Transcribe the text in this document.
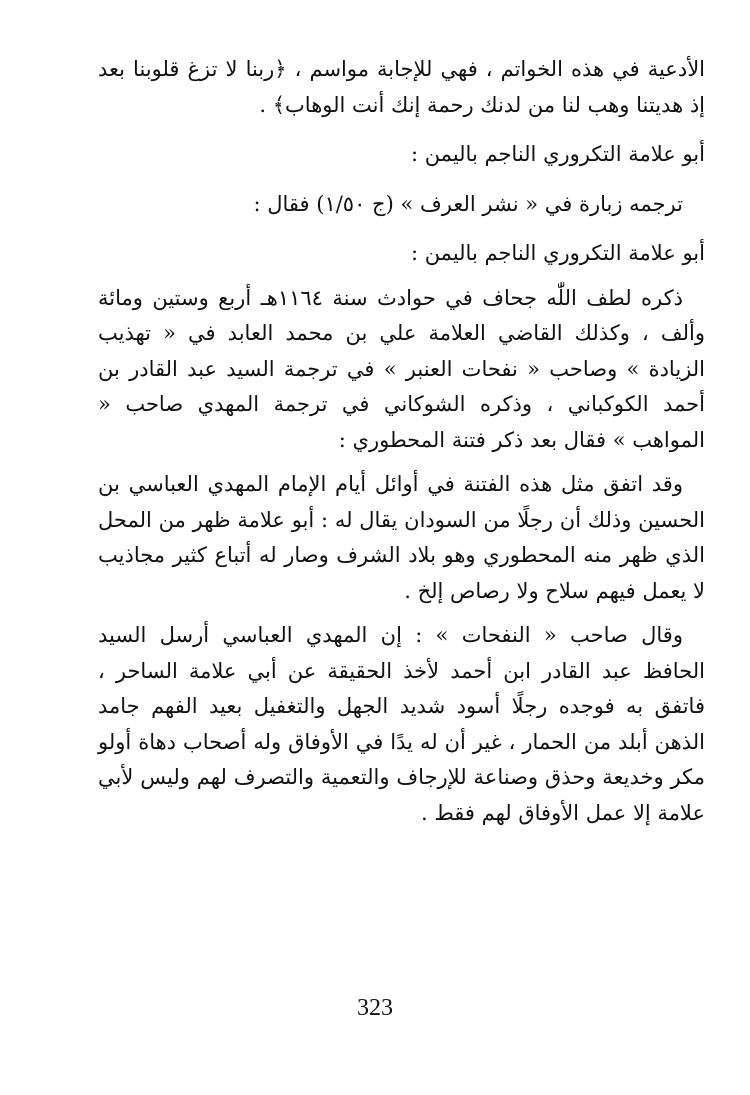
الأدعية في هذه الخواتم ، فهي للإجابة مواسم ، ﴿ربنا لا تزغ قلوبنا بعد إذ هديتنا وهب لنا من لدنك رحمة إنك أنت الوهاب﴾ .

أبو علامة التكروري الناجم باليمن :

ترجمه زبارة في « نشر العرف » (ج ١/٥٠) فقال :

أبو علامة التكروري الناجم باليمن :

ذكره لطف اللّٰه جحاف في حوادث سنة ١١٦٤هـ أربع وستين ومائة وألف ، وكذلك القاضي العلامة علي بن محمد العابد في « تهذيب الزيادة » وصاحب « نفحات العنبر » في ترجمة السيد عبد القادر بن أحمد الكوكباني ، وذكره الشوكاني في ترجمة المهدي صاحب « المواهب » فقال بعد ذكر فتنة المحطوري :

وقد اتفق مثل هذه الفتنة في أوائل أيام الإمام المهدي العباسي بن الحسين وذلك أن رجلًا من السودان يقال له : أبو علامة ظهر من المحل الذي ظهر منه المحطوري وهو بلاد الشرف وصار له أتباع كثير مجاذيب لا يعمل فيهم سلاح ولا رصاص إلخ .

وقال صاحب « النفحات » : إن المهدي العباسي أرسل السيد الحافظ عبد القادر ابن أحمد لأخذ الحقيقة عن أبي علامة الساحر ، فاتفق به فوجده رجلًا أسود شديد الجهل والتغفيل بعيد الفهم جامد الذهن أبلد من الحمار ، غير أن له يدًا في الأوفاق وله أصحاب دهاة أولو مكر وخديعة وحذق وصناعة للإرجاف والتعمية والتصرف لهم وليس لأبي علامة إلا عمل الأوفاق لهم فقط .

323
